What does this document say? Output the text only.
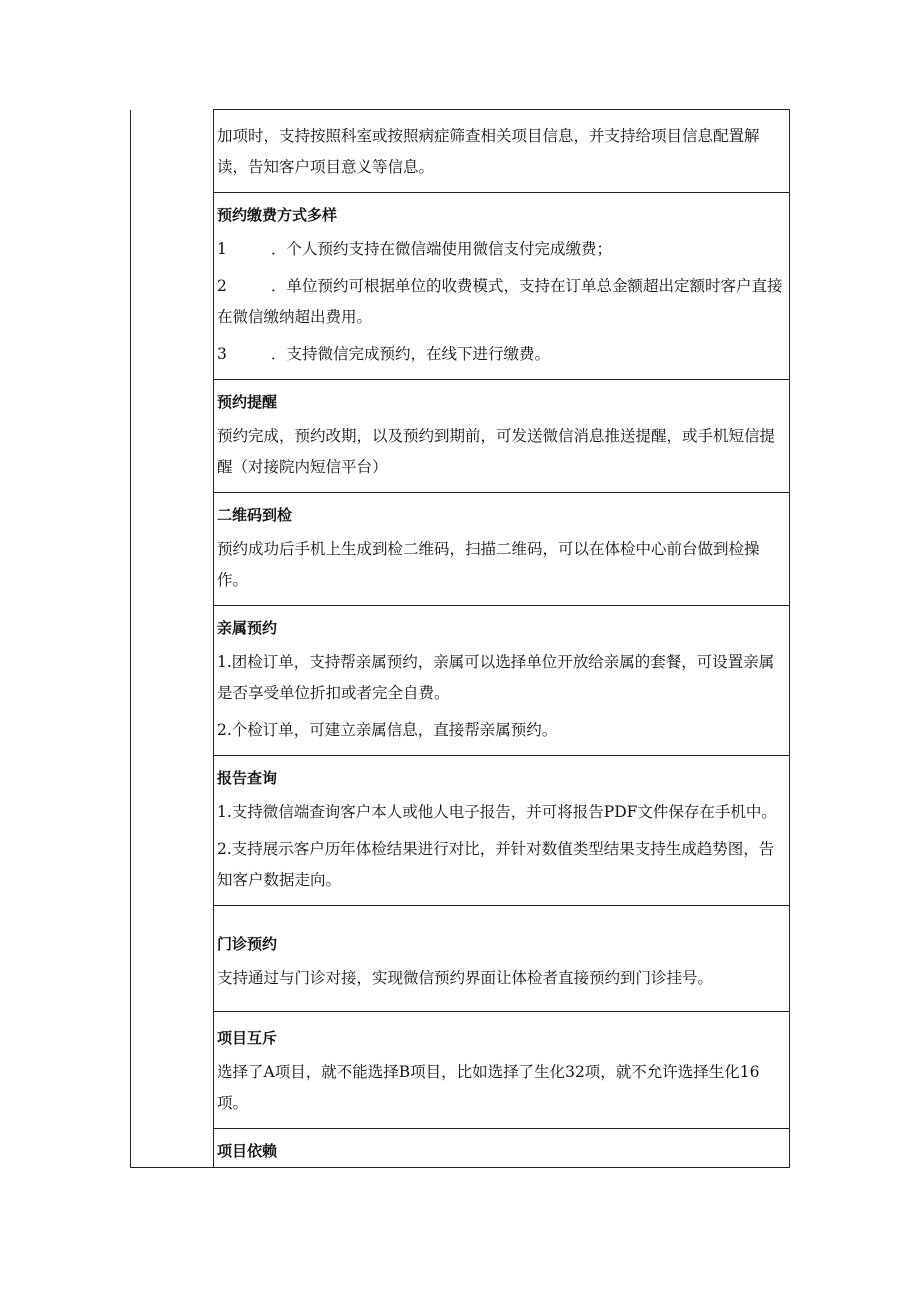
加项时，支持按照科室或按照病症筛查相关项目信息，并支持给项目信息配置解读，告知客户项目意义等信息。

预约缴费方式多样

1	．个人预约支持在微信端使用微信支付完成缴费；
2	．单位预约可根据单位的收费模式，支持在订单总金额超出定额时客户直接在微信缴纳超出费用。
3	．支持微信完成预约，在线下进行缴费。

预约提醒

预约完成，预约改期，以及预约到期前，可发送微信消息推送提醒，或手机短信提醒（对接院内短信平台）

二维码到检

预约成功后手机上生成到检二维码，扫描二维码，可以在体检中心前台做到检操作。

亲属预约

1.团检订单，支持帮亲属预约，亲属可以选择单位开放给亲属的套餐，可设置亲属是否享受单位折扣或者完全自费。

2.个检订单，可建立亲属信息，直接帮亲属预约。

报告查询

1.支持微信端查询客户本人或他人电子报告，并可将报告PDF文件保存在手机中。

2.支持展示客户历年体检结果进行对比，并针对数值类型结果支持生成趋势图，告知客户数据走向。

门诊预约

支持通过与门诊对接，实现微信预约界面让体检者直接预约到门诊挂号。

项目互斥

选择了A项目，就不能选择B项目，比如选择了生化32项，就不允许选择生化16项。

项目依赖
